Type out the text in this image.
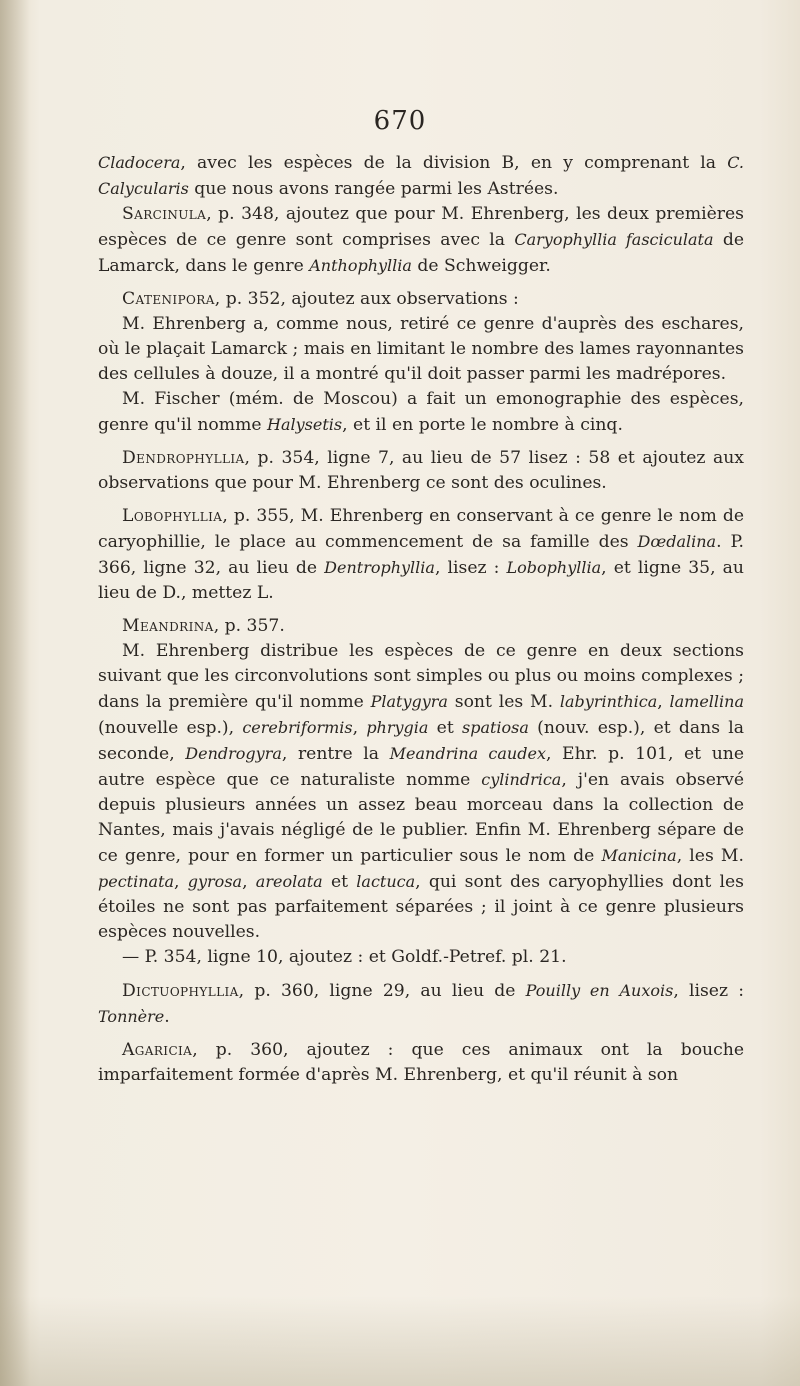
670

Cladocera, avec les espèces de la division B, en y comprenant la C. Calycularis que nous avons rangée parmi les Astrées.

Sarcinula, p. 348, ajoutez que pour M. Ehrenberg, les deux premières espèces de ce genre sont comprises avec la Caryophyllia fasciculata de Lamarck, dans le genre Anthophyllia de Schweigger.

Catenipora, p. 352, ajoutez aux observations :

M. Ehrenberg a, comme nous, retiré ce genre d'auprès des eschares, où le plaçait Lamarck ; mais en limitant le nombre des lames rayonnantes des cellules à douze, il a montré qu'il doit passer parmi les madrépores.

M. Fischer (mém. de Moscou) a fait un emonographie des espèces, genre qu'il nomme Halysetis, et il en porte le nombre à cinq.

Dendrophyllia, p. 354, ligne 7, au lieu de 57 lisez : 58 et ajoutez aux observations que pour M. Ehrenberg ce sont des oculines.

Lobophyllia, p. 355, M. Ehrenberg en conservant à ce genre le nom de caryophillie, le place au commencement de sa famille des Dœdalina. P. 366, ligne 32, au lieu de Dentrophyllia, lisez : Lobophyllia, et ligne 35, au lieu de D., mettez L.

Meandrina, p. 357.

M. Ehrenberg distribue les espèces de ce genre en deux sections suivant que les circonvolutions sont simples ou plus ou moins complexes ; dans la première qu'il nomme Platygyra sont les M. labyrinthica, lamellina (nouvelle esp.), cerebriformis, phrygia et spatiosa (nouv. esp.), et dans la seconde, Dendrogyra, rentre la Meandrina caudex, Ehr. p. 101, et une autre espèce que ce naturaliste nomme cylindrica, j'en avais observé depuis plusieurs années un assez beau morceau dans la collection de Nantes, mais j'avais négligé de le publier. Enfin M. Ehrenberg sépare de ce genre, pour en former un particulier sous le nom de Manicina, les M. pectinata, gyrosa, areolata et lactuca, qui sont des caryophyllies dont les étoiles ne sont pas parfaitement séparées ; il joint à ce genre plusieurs espèces nouvelles.

— P. 354, ligne 10, ajoutez : et Goldf.-Petref. pl. 21.

Dictuophyllia, p. 360, ligne 29, au lieu de Pouilly en Auxois, lisez : Tonnère.

Agaricia, p. 360, ajoutez : que ces animaux ont la bouche imparfaitement formée d'après M. Ehrenberg, et qu'il réunit à son
